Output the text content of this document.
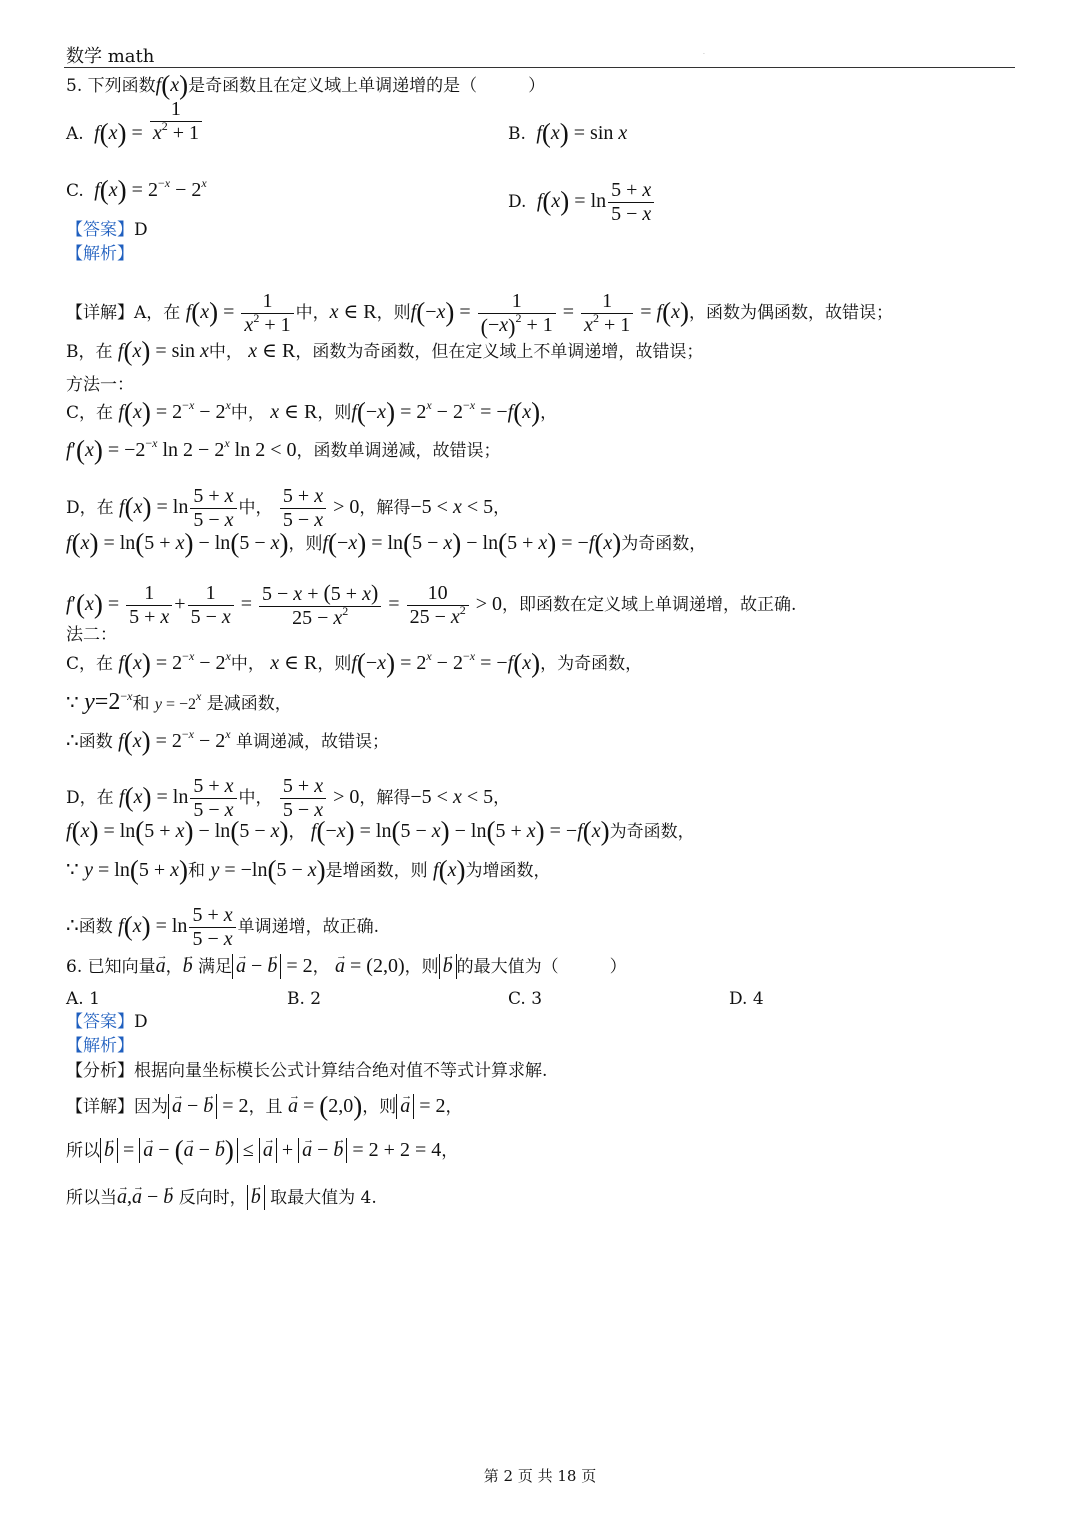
数学 math	·
5. 下列函数f(x)是奇函数且在定义域上单调递增的是（　　　）
A.  $f(x) = \frac{1}{x^2 + 1}$	B.  f(x) = sin x
C.  $f(x) = 2^{-x} - 2^x$
D.  $f(x) = \ln \frac{5 + x}{5 - x}$
【答案】D
【解析】
【详解】A，在 $f(x) = \frac{1}{x^2 + 1}$ 中，x ∈ R，则$f(-x) = \frac{1}{(-x)^2 + 1} = \frac{1}{x^2 + 1} = f(x)$，函数为偶函数，故错误；
B，在 f(x) = sin x中， x ∈ R，函数为奇函数，但在定义域上不单调递增，故错误；
方法一：
C，在 $f(x) = 2^{-x} - 2^x$中， x ∈ R，则$f(-x) = 2^x - 2^{-x} = -f(x)$，
$f'(x) = -2^{-x}$ $\ln 2 - 2^x$ ln 2 < 0，函数单调递减，故错误；
D，在 $f(x) = \ln \frac{5 + x}{5 - x}$ 中， $\frac{5 + x}{5 - x} > 0$，解得−5 < x < 5，
f(x) = ln(5 + x) − ln(5 − x)，则f(−x) = ln(5 − x) − ln(5 + x) = −f(x)为奇函数，
$f'(x) = \frac{1}{5 + x} + \frac{1}{5 - x} = \frac{5 - x + (5 + x)}{25 - x^2} = \frac{10}{25 - x^2} > 0$，即函数在定义域上单调递增，故正确.
法二：
C，在 $f(x) = 2^{-x} - 2^x$中， x ∈ R，则$f(-x) = 2^x - 2^{-x} = -f(x)$，为奇函数，
∵ $y=2^{-x}$和 $y = -2^x$ 是减函数，
∴函数 $f(x) = 2^{-x} - 2^x$ 单调递减，故错误；
D，在 $f(x) = \ln \frac{5 + x}{5 - x}$ 中， $\frac{5 + x}{5 - x} > 0$，解得−5 < x < 5，
f(x) = ln(5 + x) − ln(5 − x)， f(−x) = ln(5 − x) − ln(5 + x) = −f(x)为奇函数，
∵ y = ln(5 + x)和 y = −ln(5 − x)是增函数，则 f(x)为增函数，
∴函数 $f(x) = \ln \frac{5 + x}{5 - x}$ 单调递增，故正确.
6. 已知向量→ a，→ b 满足 → a − → b = 2， → a = (2,0)，则 → b 的最大值为（　　　）
A. 1	B. 2	C. 3	D. 4
【答案】D
【解析】
【分析】根据向量坐标模长公式计算结合绝对值不等式计算求解.
【详解】因为 → a − → b = 2，且 → a = (2,0)，则 → a = 2，
所以 → b = → a − (→ a − → b) ≤ → a + → a − → b = 2 + 2 = 4，
所以当→ a,→ a − → b 反向时， → b 取最大值为 4.
第 2 页 共 18 页
